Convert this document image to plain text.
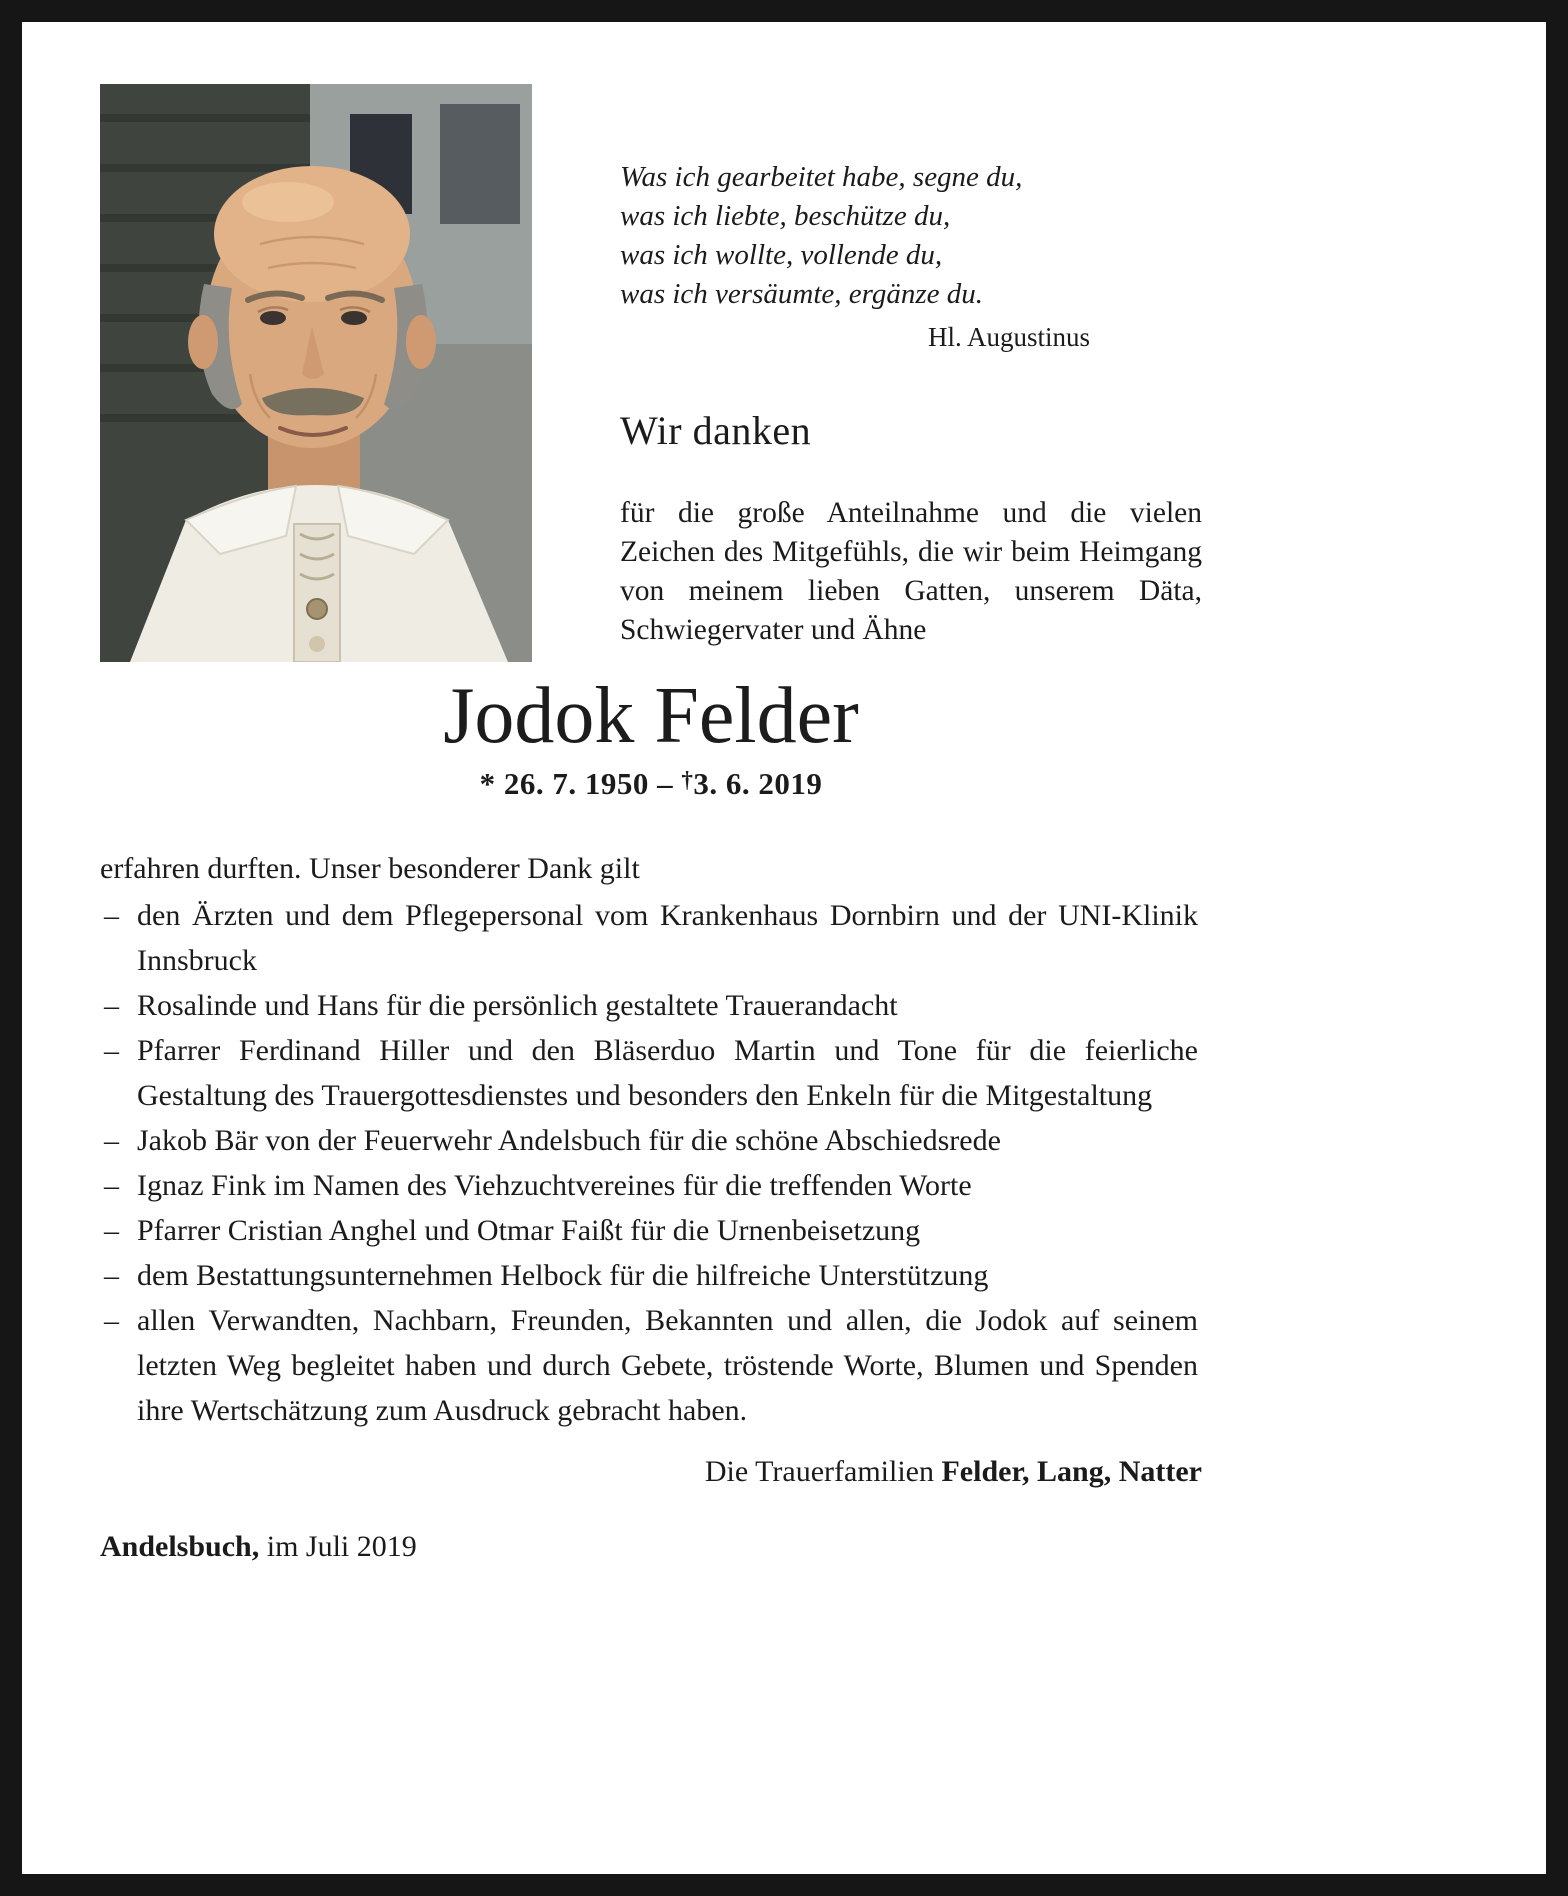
Was ich gearbeitet habe, segne du,
was ich liebte, beschütze du,
was ich wollte, vollende du,
was ich versäumte, ergänze du.
Hl. Augustinus
Wir danken
für die große Anteilnahme und die vielen Zeichen des Mitgefühls, die wir beim Heimgang von meinem lieben Gatten, unserem Däta, Schwiegervater und Ähne
Jodok Felder
* 26. 7. 1950 – †3. 6. 2019
erfahren durften. Unser besonderer Dank gilt
– den Ärzten und dem Pflegepersonal vom Krankenhaus Dornbirn und der UNI-Klinik Innsbruck
– Rosalinde und Hans für die persönlich gestaltete Trauerandacht
– Pfarrer Ferdinand Hiller und den Bläserduo Martin und Tone für die feierliche Gestaltung des Trauergottesdienstes und besonders den Enkeln für die Mitgestaltung
– Jakob Bär von der Feuerwehr Andelsbuch für die schöne Abschiedsrede
– Ignaz Fink im Namen des Viehzuchtvereines für die treffenden Worte
– Pfarrer Cristian Anghel und Otmar Faißt für die Urnenbeisetzung
– dem Bestattungsunternehmen Helbock für die hilfreiche Unterstützung
– allen Verwandten, Nachbarn, Freunden, Bekannten und allen, die Jodok auf seinem letzten Weg begleitet haben und durch Gebete, tröstende Worte, Blumen und Spenden ihre Wertschätzung zum Ausdruck gebracht haben.
Die Trauerfamilien Felder, Lang, Natter
Andelsbuch, im Juli 2019
